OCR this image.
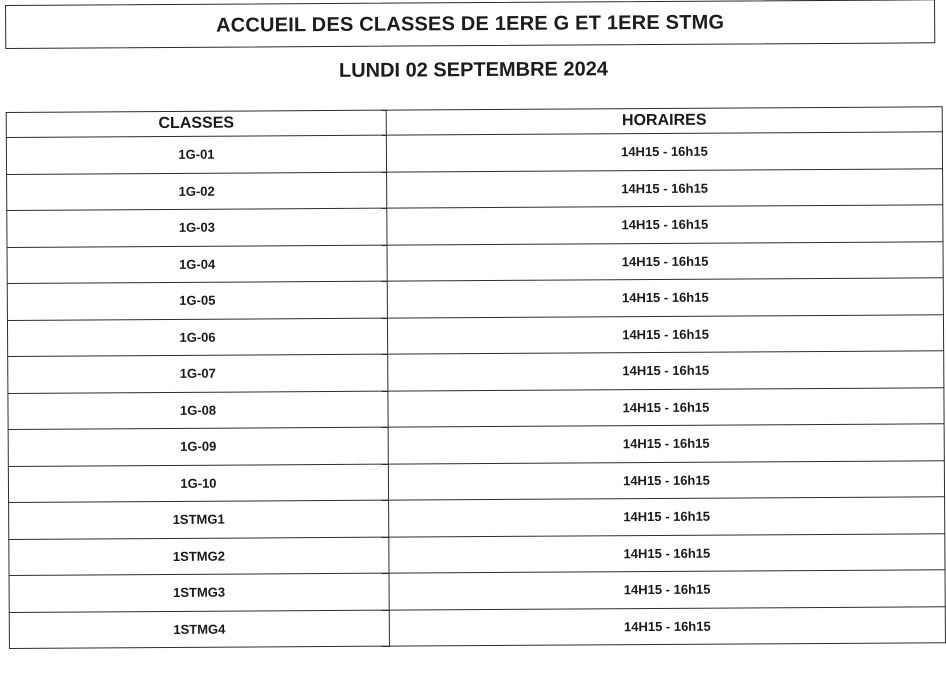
ACCUEIL DES CLASSES DE 1ERE G ET 1ERE STMG
LUNDI 02 SEPTEMBRE 2024
CLASSES	HORAIRES
1G-01	14H15 - 16h15
1G-02	14H15 - 16h15
1G-03	14H15 - 16h15
1G-04	14H15 - 16h15
1G-05	14H15 - 16h15
1G-06	14H15 - 16h15
1G-07	14H15 - 16h15
1G-08	14H15 - 16h15
1G-09	14H15 - 16h15
1G-10	14H15 - 16h15
1STMG1	14H15 - 16h15
1STMG2	14H15 - 16h15
1STMG3	14H15 - 16h15
1STMG4	14H15 - 16h15
